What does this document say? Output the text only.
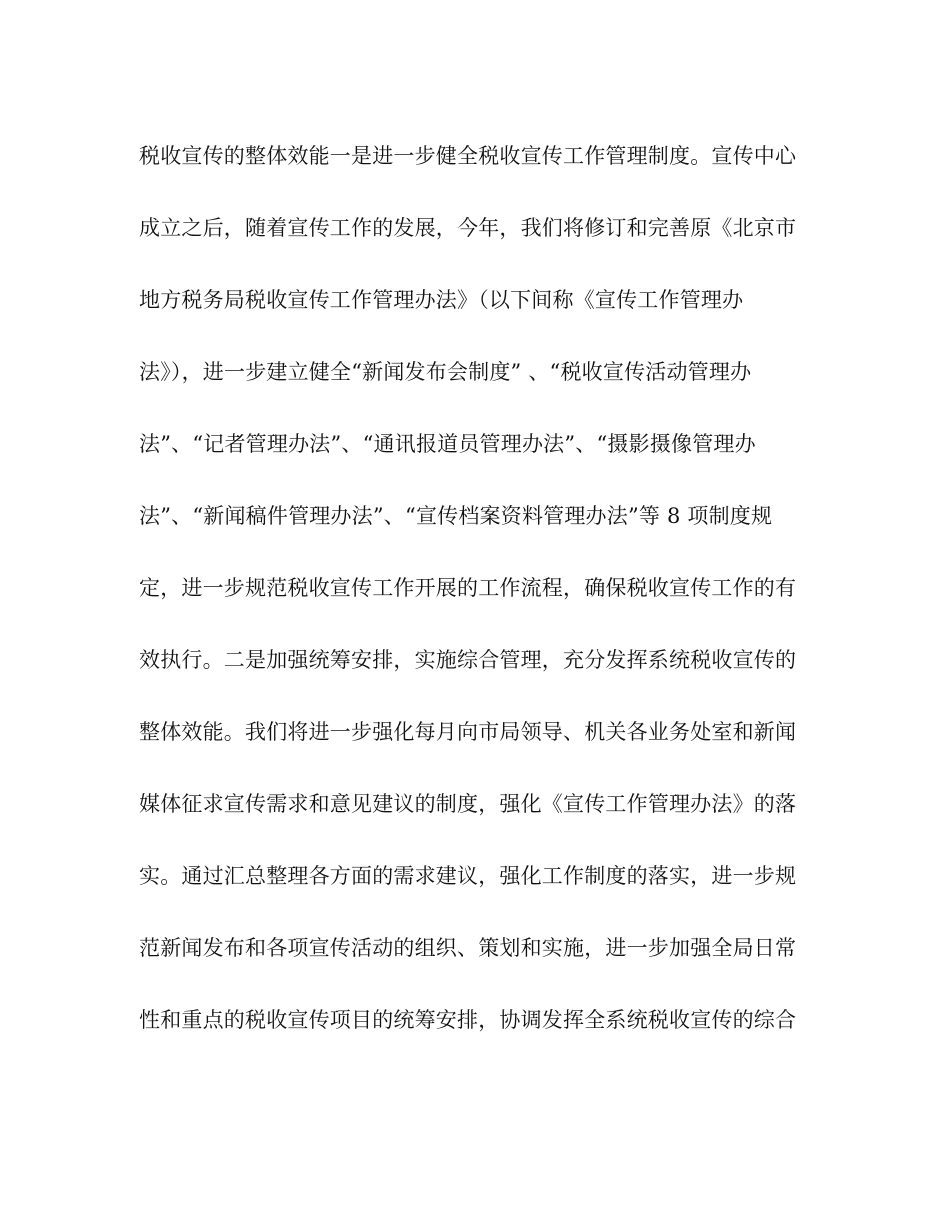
税收宣传的整体效能一是进一步健全税收宣传工作管理制度。宣传中心
成立之后，随着宣传工作的发展，今年，我们将修订和完善原《北京市
地方税务局税收宣传工作管理办法》（以下间称《宣传工作管理办
法》），进一步建立健全“新闻发布会制度” 、“税收宣传活动管理办
法”、“记者管理办法”、“通讯报道员管理办法”、“摄影摄像管理办
法”、“新闻稿件管理办法”、“宣传档案资料管理办法”等 8 项制度规
定，进一步规范税收宣传工作开展的工作流程，确保税收宣传工作的有
效执行。二是加强统筹安排，实施综合管理，充分发挥系统税收宣传的
整体效能。我们将进一步强化每月向市局领导、机关各业务处室和新闻
媒体征求宣传需求和意见建议的制度，强化《宣传工作管理办法》的落
实。通过汇总整理各方面的需求建议，强化工作制度的落实，进一步规
范新闻发布和各项宣传活动的组织、策划和实施，进一步加强全局日常
性和重点的税收宣传项目的统筹安排，协调发挥全系统税收宣传的综合
